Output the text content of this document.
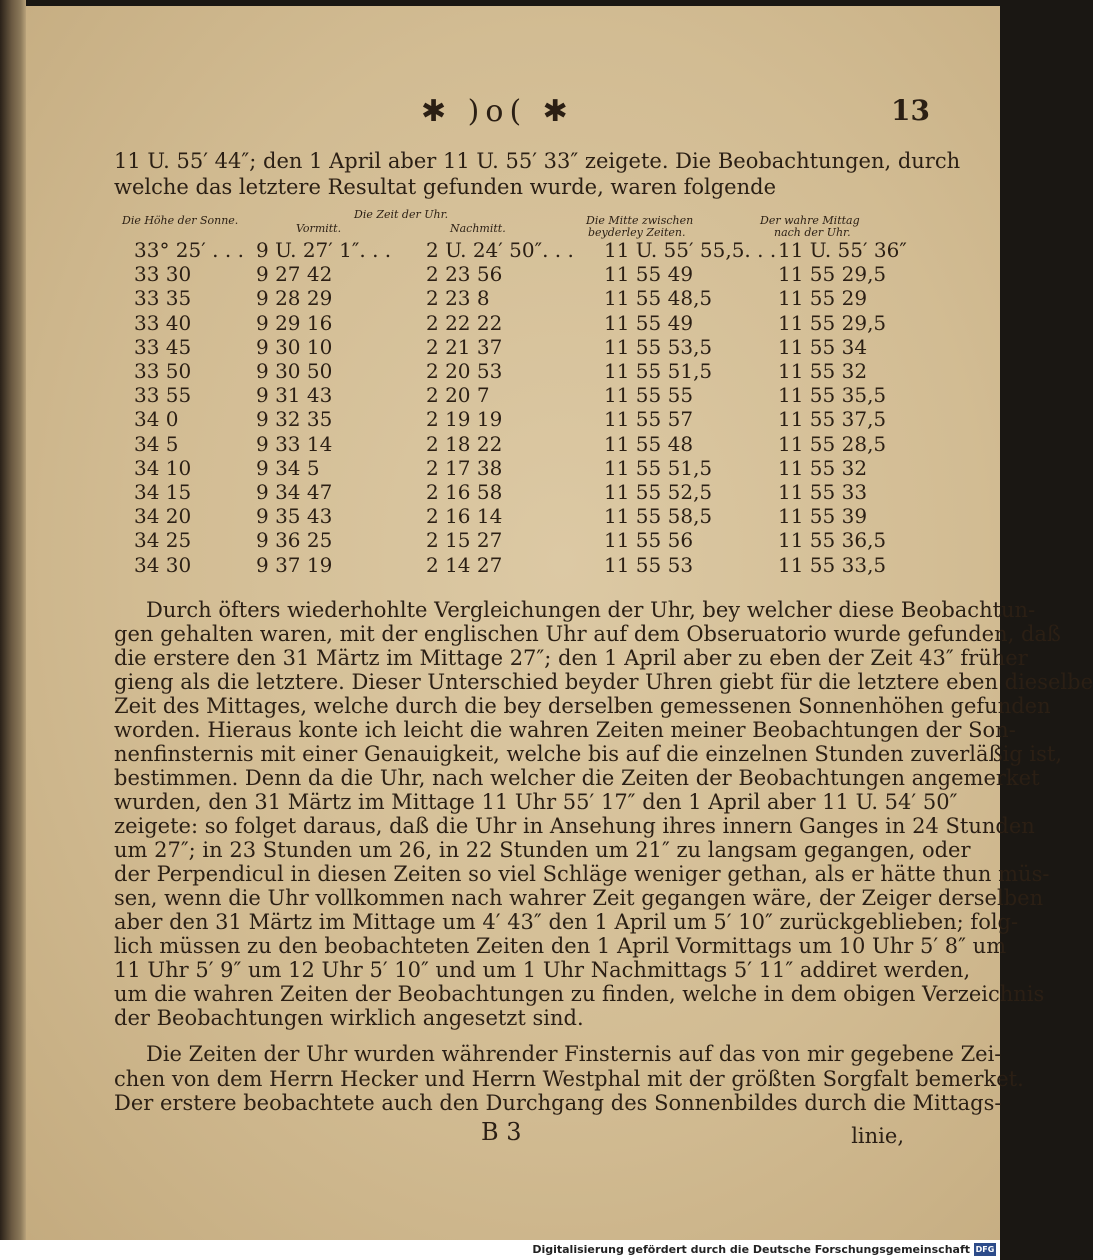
✱ )o( ✱	13
11 U. 55′ 44″; den 1 April aber 11 U. 55′ 33″ zeigete. Die Beobachtungen, durch
welche das letztere Resultat gefunden wurde, waren folgende
Die Höhe der Sonne.	Die Zeit der Uhr.
Vormitt.	Nachmitt.
Die Mitte zwischen
beyderley Zeiten.
Der wahre Mittag
nach der Uhr.
33° 25′ . . . 9 U. 27′ 1″. . . 2 U. 24′ 50″. . . 11 U. 55′ 55,5. . . 11 U. 55′ 36″
33 30	9 27 42	2 23 56	11 55 49	11 55 29,5
33 35	9 28 29	2 23 8	11 55 48,5	11 55 29
33 40	9 29 16	2 22 22	11 55 49	11 55 29,5
33 45	9 30 10	2 21 37	11 55 53,5	11 55 34
33 50	9 30 50	2 20 53	11 55 51,5	11 55 32
33 55	9 31 43	2 20 7	11 55 55	11 55 35,5
34 0	9 32 35	2 19 19	11 55 57	11 55 37,5
34 5	9 33 14	2 18 22	11 55 48	11 55 28,5
34 10	9 34 5	2 17 38	11 55 51,5	11 55 32
34 15	9 34 47	2 16 58	11 55 52,5	11 55 33
34 20	9 35 43	2 16 14	11 55 58,5	11 55 39
34 25	9 36 25	2 15 27	11 55 56	11 55 36,5
34 30	9 37 19	2 14 27	11 55 53	11 55 33,5
Durch öfters wiederhohlte Vergleichungen der Uhr, bey welcher diese Beobachtun-
gen gehalten waren, mit der englischen Uhr auf dem Obseruatorio wurde gefunden, daß
die erstere den 31 Märtz im Mittage 27″; den 1 April aber zu eben der Zeit 43″ früher
gieng als die letztere. Dieser Unterschied beyder Uhren giebt für die letztere eben dieselbe
Zeit des Mittages, welche durch die bey derselben gemessenen Sonnenhöhen gefunden
worden. Hieraus konte ich leicht die wahren Zeiten meiner Beobachtungen der Son-
nenfinsternis mit einer Genauigkeit, welche bis auf die einzelnen Stunden zuverläßig ist,
bestimmen. Denn da die Uhr, nach welcher die Zeiten der Beobachtungen angemerket
wurden, den 31 Märtz im Mittage 11 Uhr 55′ 17″ den 1 April aber 11 U. 54′ 50″
zeigete: so folget daraus, daß die Uhr in Ansehung ihres innern Ganges in 24 Stunden
um 27″; in 23 Stunden um 26, in 22 Stunden um 21″ zu langsam gegangen, oder
der Perpendicul in diesen Zeiten so viel Schläge weniger gethan, als er hätte thun müs-
sen, wenn die Uhr vollkommen nach wahrer Zeit gegangen wäre, der Zeiger derselben
aber den 31 Märtz im Mittage um 4′ 43″ den 1 April um 5′ 10″ zurückgeblieben; folg-
lich müssen zu den beobachteten Zeiten den 1 April Vormittags um 10 Uhr 5′ 8″ um
11 Uhr 5′ 9″ um 12 Uhr 5′ 10″ und um 1 Uhr Nachmittags 5′ 11″ addiret werden,
um die wahren Zeiten der Beobachtungen zu finden, welche in dem obigen Verzeichnis
der Beobachtungen wirklich angesetzt sind.
Die Zeiten der Uhr wurden währender Finsternis auf das von mir gegebene Zei-
chen von dem Herrn Hecker und Herrn Westphal mit der größten Sorgfalt bemerket.
Der erstere beobachtete auch den Durchgang des Sonnenbildes durch die Mittags-
B 3	linie,
Digitalisierung gefördert durch die Deutsche Forschungsgemeinschaft DFG
